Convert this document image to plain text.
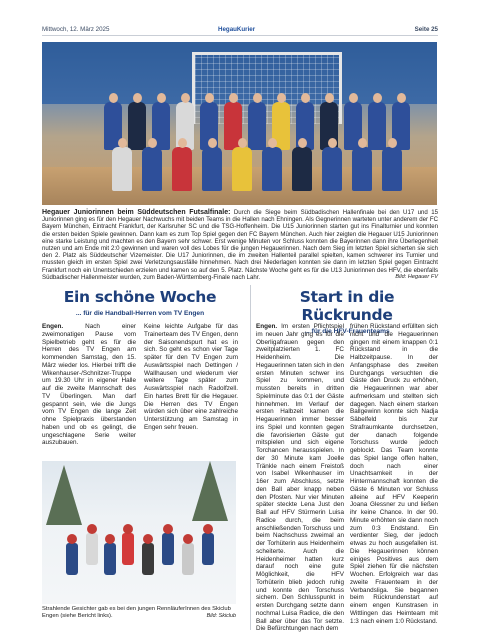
Mittwoch, 12. März 2025	HegauKurier	Seite 25
Hegauer Juniorinnen beim Süddeutschen Futsalfinale: Durch die Siege beim Südbadischen Hallenfinale bei den U17 und 15 Juniorinnen ging es für den Hegauer Nachwuchs mit beiden Teams in die Hallen nach Ehningen. Als Gegnerinnen warteten unter anderem der FC Bayern München, Eintracht Frankfurt, der Karlsruher SC und die TSG-Hoffenheim. Die U15 Juniorinnen starten gut ins Finalturnier und konnten die ersten beiden Spiele gewinnen. Dann kam es zum Top Spiel gegen den FC Bayern München. Auch hier zeigten die Hegauer U15 Juniorinnen eine starke Leistung und machten es den Bayern sehr schwer. Erst wenige Minuten vor Schluss konnten die Bayerinnen dann ihre Überlegenheit nutzen und am Ende mit 2:0 gewinnen und waren voll des Lobes für die jungen Hegauerinnen. Nach dem Sieg im letzten Spiel sicherten sie sich den 2. Platz als Süddeutscher Vizemeister. Die U17 Juniorinnen, die im zweiten Hallenteil parallel spielten, kamen schwerer ins Turnier und mussten gleich im ersten Spiel zwei Verletzungsausfälle hinnehmen. Nach drei Niederlagen konnten sie dann im letzten Spiel gegen Eintracht Frankfurt noch ein Unentschieden erzielen und kamen so auf den 5. Platz. Nächste Woche geht es für die U13 Juniorinnen des HFV, die ebenfalls Südbadischer Hallenmeister wurden, zum Baden-Württemberg-Finale nach Lahr.	Bild: Hegauer FV
Ein schöne Woche
... für die Handball-Herren vom TV Engen
Engen.	Nach einer zweimonatigen Pause vom Spielbetrieb geht es für die Herren des TV Engen am kommenden Samstag, den 15. März wieder los. Hierbei trifft die Wikenhauser-/Schnitzer-Truppe um 19.30 Uhr in eigener Halle auf die zweite Mannschaft des TV Überlingen. Man darf gespannt sein, wie die Jungs vom TV Engen die lange Zeit ohne Spielpraxis überstanden haben und ob es gelingt, die ungeschlagene Serie weiter auszubauen.
Keine leichte Aufgabe für das Trainerteam des TV Engen, denn der Saisonendspurt hat es in sich. So geht es schon vier Tage später für den TV Engen zum Auswärtsspiel nach Dettingen / Wallhausen und wiederum vier weitere Tage später zum Auswärtsspiel nach Radolfzell. Ein hartes Brett für die Hegauer. Die Herren des TV Engen würden sich über eine zahlreiche Unterstützung am Samstag in Engen sehr freuen.
Strahlende Gesichter gab es bei den jungen RennläuferInnen des Skiclub Engen (siehe Bericht links).	Bild: Skiclub
Start in die Rückrunde
... für die HFV-Frauenteams
Engen. Im ersten Pflichtspiel im neuen Jahr ging es für die Oberligafrauen gegen den zweitplatzierten 1. FC Heidenheim. Die Hegauerinnen taten sich in den ersten Minuten schwer ins Spiel zu kommen, und mussten bereits in dritten Spielminute das 0:1 der Gäste hinnehmen. Im Verlauf der ersten Halbzeit kamen die Hegauerinnen immer besser ins Spiel und konnten gegen die favorisierten Gäste gut mitspielen und sich eigene Torchancen herausspielen. In der 30 Minute kam Joelle Tränkle nach einem Freistoß von Isabel Wikenhauser im 16er zum Abschluss, setzte den Ball aber knapp neben den Pfosten. Nur vier Minuten später steckte Lena Just den Ball auf HFV Stürmerin Luisa Radice durch, die beim anschließenden Torschuss und beim Nachschuss zweimal an der Torhüterin aus Heidenheim scheiterte. Auch die Heidenheimer hatten kurz darauf noch eine gute Möglichkeit, die HFV Torhüterin blieb jedoch ruhig und konnte den Torschuss sichern. Den Schlusspunkt in ersten Durchgang setzte dann nochmal Luisa Radice, die den Ball aber über das Tor setzte. Die Befürchtungen nach dem
frühen Rückstand erfüllten sich nicht und die Hegauerinnen gingen mit einem knappen 0:1 Rückstand in die Halbzeitpause. In der Anfangsphase des zweiten Durchgangs versuchten die Gäste den Druck zu erhöhen, die Hegauerinnen war aber aufmerksam und stellten sich dagegen. Nach einem starken Ballgewinn konnte sich Nadja Säbelfeld bis zur Strafraumkante durchsetzen, der danach folgende Torschuss wurde jedoch geblockt. Das Team konnte das Spiel lange offen halten, doch nach einer Unachtsamkeit in der Hintermannschaft konnten die Gäste 6 Minuten vor Schluss alleine auf HFV Keeperin Joana Glessner zu und ließen ihr keine Chance. In der 90. Minute erhöhten sie dann noch zum 0:3 Endstand. Ein verdienter Sieg, der jedoch etwas zu hoch ausgefallen ist. Die Hegauerinnen können einiges Positives aus dem Spiel ziehen für die nächsten Wochen. Erfolgreich war das zweite Frauenteam in der Verbandsliga. Sie begannen beim Rückrundenstart auf einem engen Kunstrasen in Wittlingen das Heimteam mit 1:3 nach einem 1:0 Rückstand.
